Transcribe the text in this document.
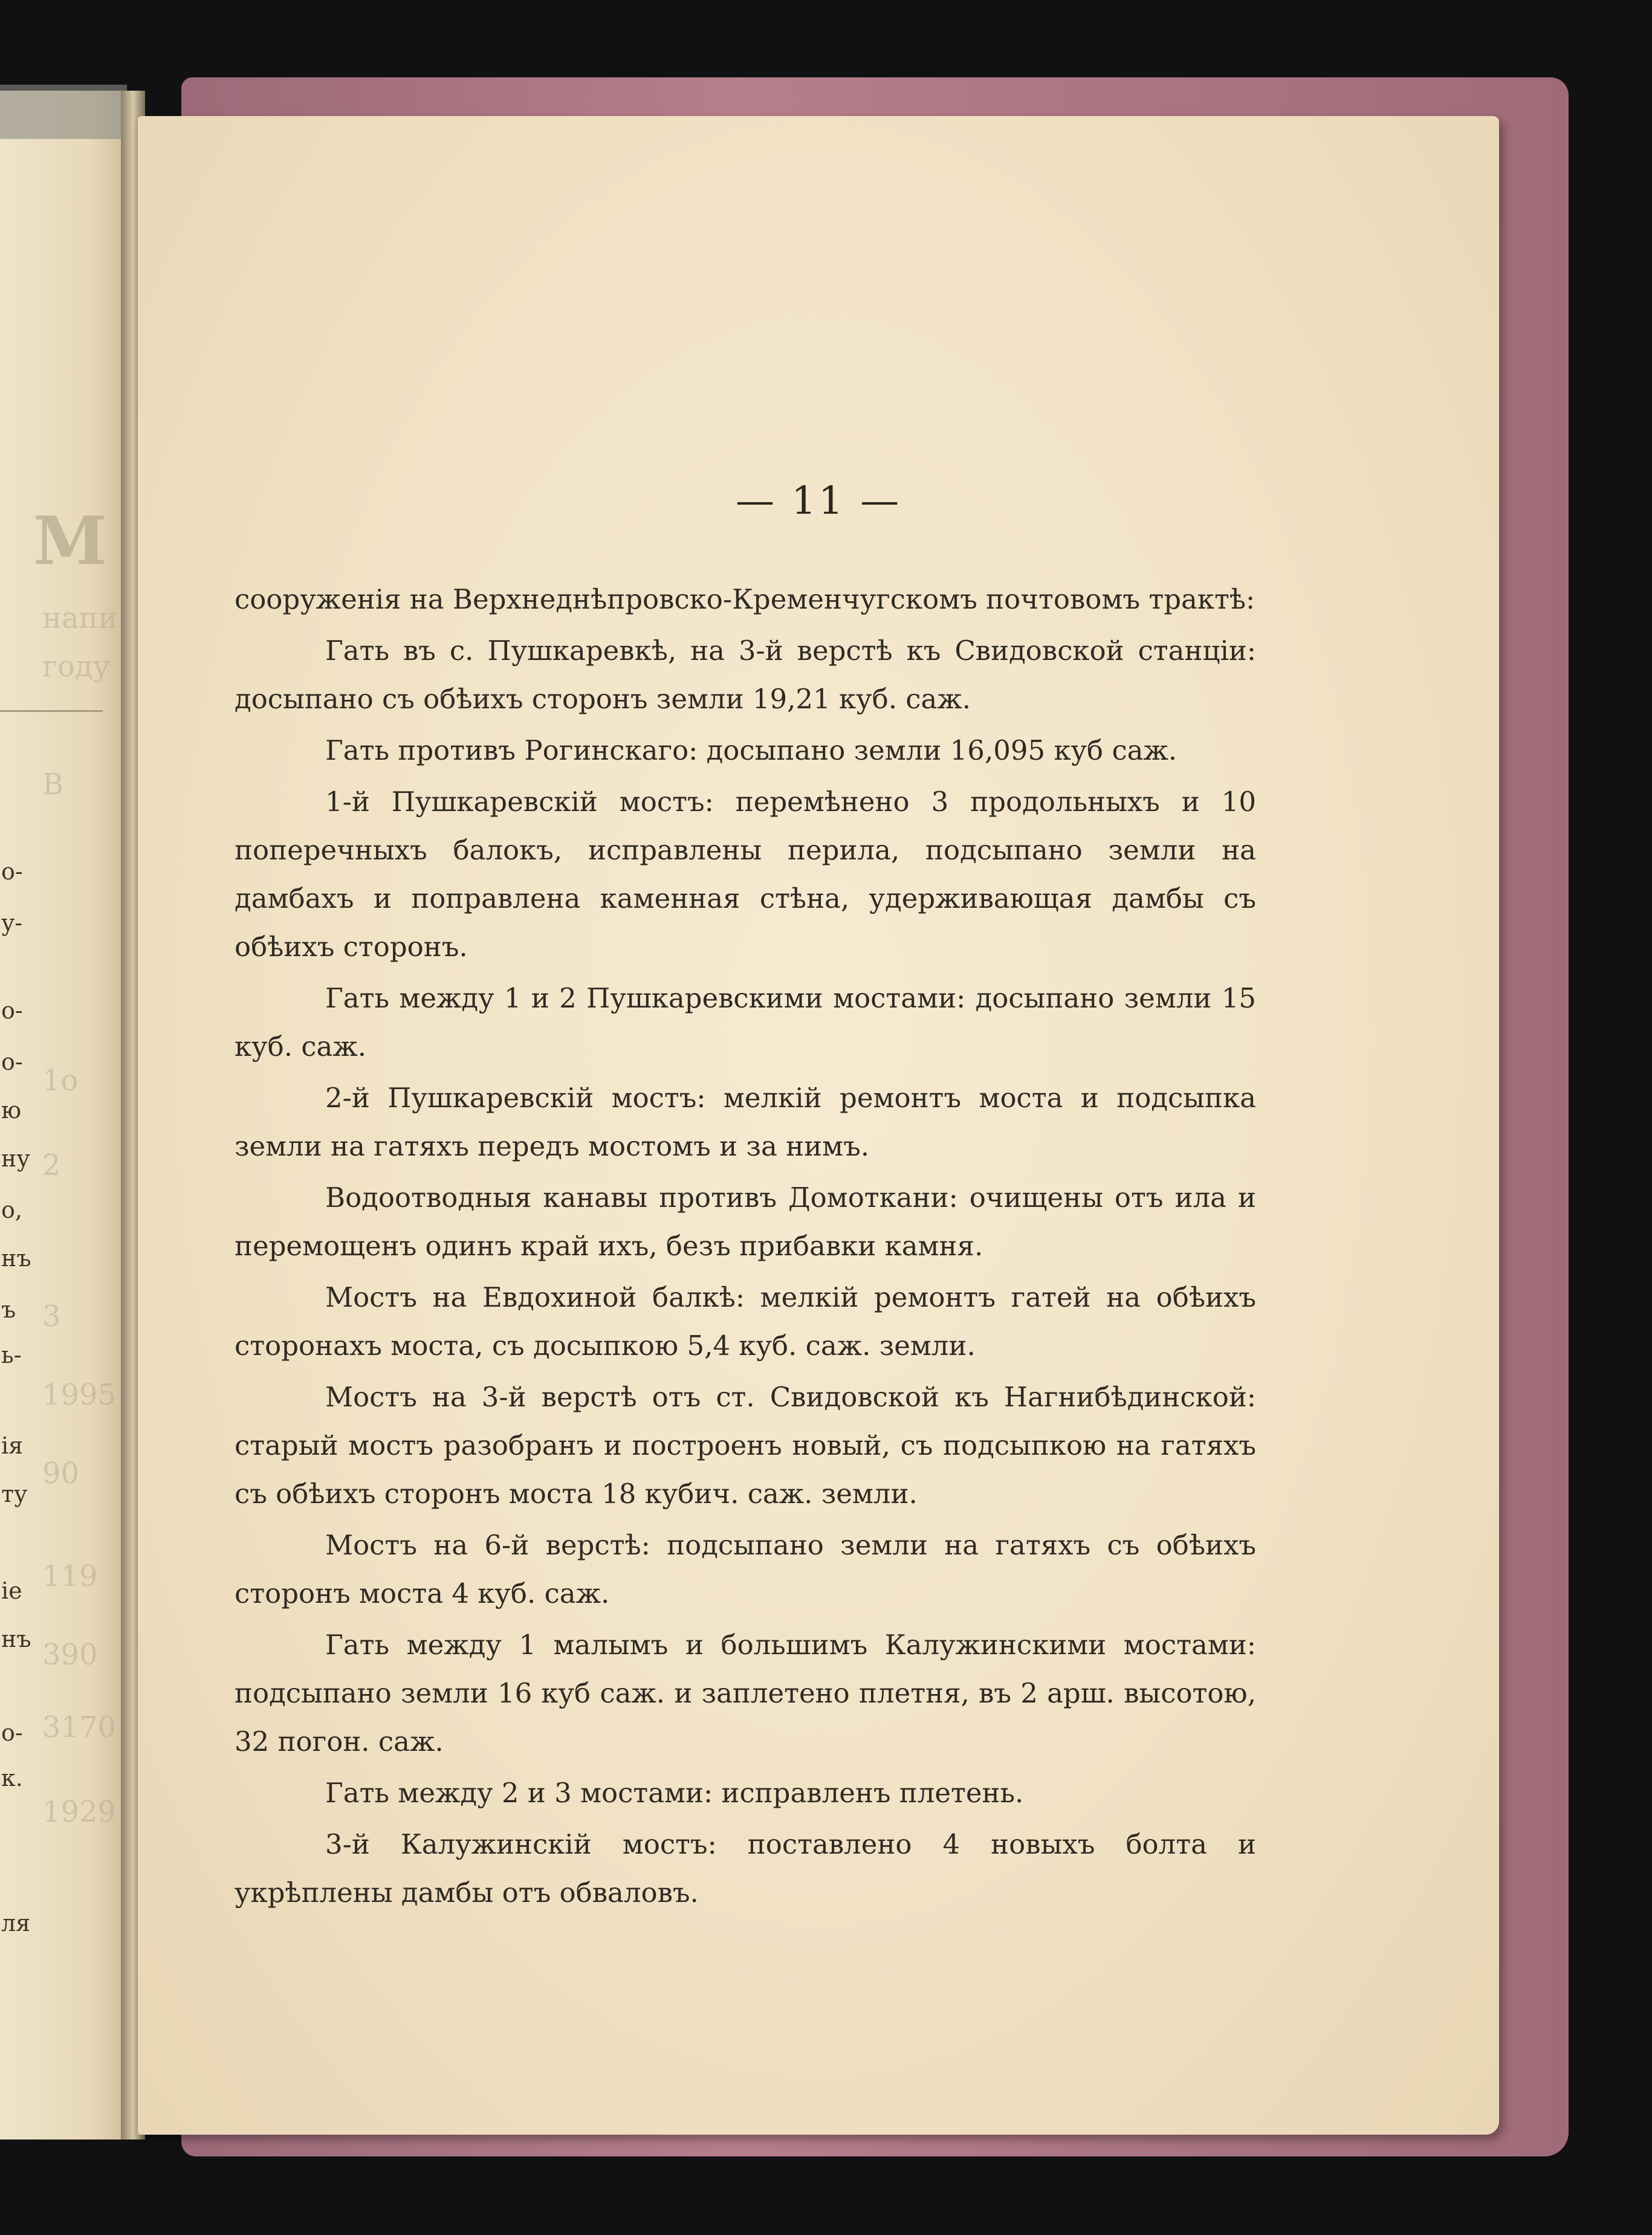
М
напи
году
В
1о
2
3
1995
90
119
390
3170
1929
о-
у-
о-
о-
ю
ну
о,
нъ
ъ
ь-
ія
ту
іе
нъ
о-
к.
ля
— 11 —

сооруженія на Верхнеднѣпровско-Кременчугскомъ почтовомъ трактѣ:

Гать въ с. Пушкаревкѣ, на 3-й верстѣ къ Свидовской станціи: досыпано съ обѣихъ сторонъ земли 19,21 куб. саж.

Гать противъ Рогинскаго: досыпано земли 16,095 куб саж.

1-й Пушкаревскій мостъ: перемѣнено 3 продольныхъ и 10 поперечныхъ балокъ, исправлены перила, подсыпано земли на дамбахъ и поправлена каменная стѣна, удерживающая дамбы съ обѣихъ сторонъ.

Гать между 1 и 2 Пушкаревскими мостами: досыпано земли 15 куб. саж.

2-й Пушкаревскій мостъ: мелкій ремонтъ моста и подсыпка земли на гатяхъ передъ мостомъ и за нимъ.

Водоотводныя канавы противъ Домоткани: очищены отъ ила и перемощенъ одинъ край ихъ, безъ прибавки камня.

Мостъ на Евдохиной балкѣ: мелкій ремонтъ гатей на обѣихъ сторонахъ моста, съ досыпкою 5,4 куб. саж. земли.

Мостъ на 3-й верстѣ отъ ст. Свидовской къ Нагнибѣдинской: старый мостъ разобранъ и построенъ новый, съ подсыпкою на гатяхъ съ обѣихъ сторонъ моста 18 кубич. саж. земли.

Мостъ на 6-й верстѣ: подсыпано земли на гатяхъ съ обѣихъ сторонъ моста 4 куб. саж.

Гать между 1 малымъ и большимъ Калужинскими мостами: подсыпано земли 16 куб саж. и заплетено плетня, въ 2 арш. высотою, 32 погон. саж.

Гать между 2 и 3 мостами: исправленъ плетень.

3-й Калужинскій мостъ: поставлено 4 новыхъ болта и укрѣплены дамбы отъ обваловъ.
